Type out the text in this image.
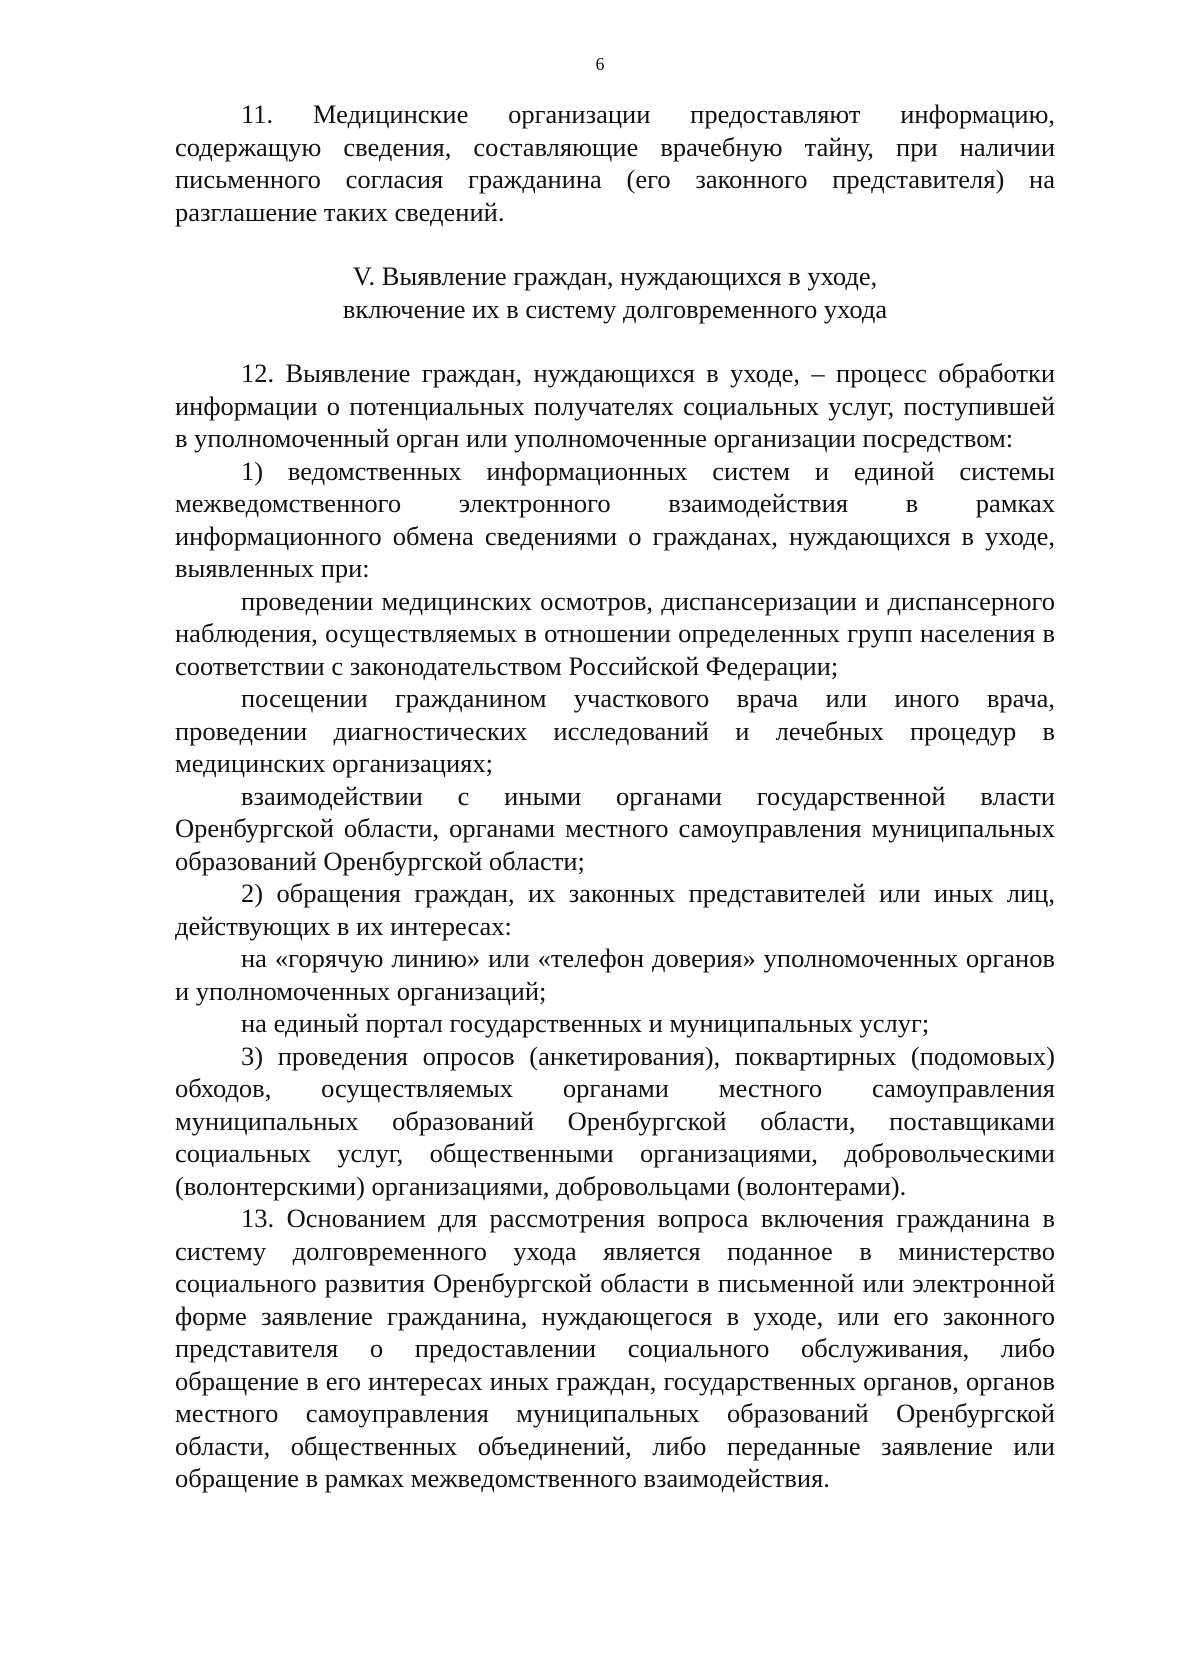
6

11. Медицинские организации предоставляют информацию, содержащую сведения, составляющие врачебную тайну, при наличии письменного согласия гражданина (его законного представителя) на разглашение таких сведений.

V. Выявление граждан, нуждающихся в уходе,
включение их в систему долговременного ухода

12. Выявление граждан, нуждающихся в уходе, – процесс обработки информации о потенциальных получателях социальных услуг, поступившей в уполномоченный орган или уполномоченные организации посредством:

1) ведомственных информационных систем и единой системы межведомственного электронного взаимодействия в рамках информационного обмена сведениями о гражданах, нуждающихся в уходе, выявленных при:

проведении медицинских осмотров, диспансеризации и диспансерного наблюдения, осуществляемых в отношении определенных групп населения в соответствии с законодательством Российской Федерации;

посещении гражданином участкового врача или иного врача, проведении диагностических исследований и лечебных процедур в медицинских организациях;

взаимодействии с иными органами государственной власти Оренбургской области, органами местного самоуправления муниципальных образований Оренбургской области;

2) обращения граждан, их законных представителей или иных лиц, действующих в их интересах:

на «горячую линию» или «телефон доверия» уполномоченных органов и уполномоченных организаций;

на единый портал государственных и муниципальных услуг;

3) проведения опросов (анкетирования), поквартирных (подомовых) обходов, осуществляемых органами местного самоуправления муниципальных образований Оренбургской области, поставщиками социальных услуг, общественными организациями, добровольческими (волонтерскими) организациями, добровольцами (волонтерами).

13. Основанием для рассмотрения вопроса включения гражданина в систему долговременного ухода является поданное в министерство социального развития Оренбургской области в письменной или электронной форме заявление гражданина, нуждающегося в уходе, или его законного представителя о предоставлении социального обслуживания, либо обращение в его интересах иных граждан, государственных органов, органов местного самоуправления муниципальных образований Оренбургской области, общественных объединений, либо переданные заявление или обращение в рамках межведомственного взаимодействия.
